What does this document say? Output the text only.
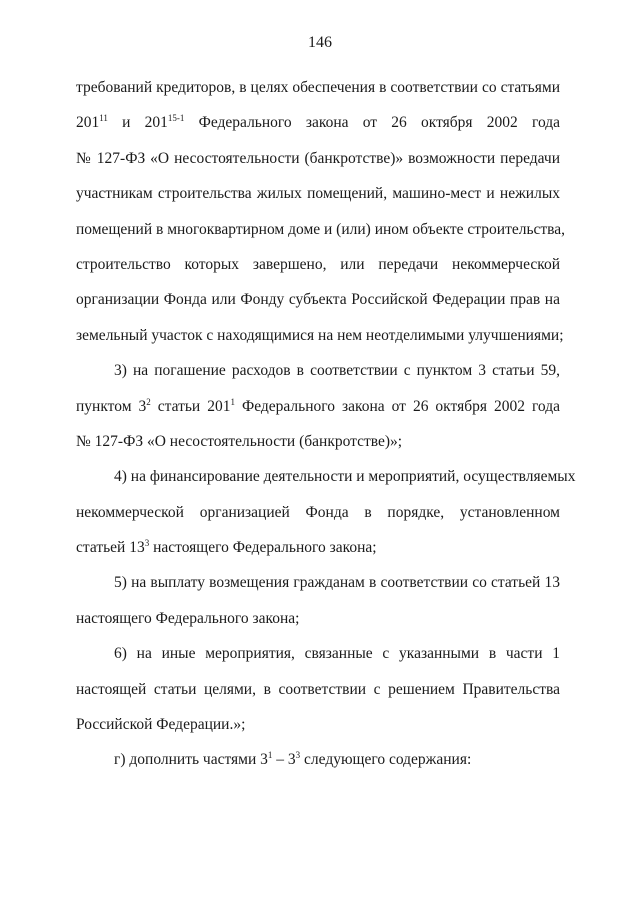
146
требований кредиторов, в целях обеспечения в соответствии со статьями
$201^{11}$ и 201$^{15-1}$ Федерального закона от 26 октября 2002 года
№ 127-ФЗ «О несостоятельности (банкротстве)» возможности передачи
участникам строительства жилых помещений, машино-мест и нежилых
помещений в многоквартирном доме и (или) ином объекте строительства,
строительство которых завершено, или передачи некоммерческой
организации Фонда или Фонду субъекта Российской Федерации прав на
земельный участок с находящимися на нем неотделимыми улучшениями;
3) на погашение расходов в соответствии с пунктом 3 статьи 59,
пунктом $3^2$ статьи $201^1$ Федерального закона от 26 октября 2002 года
№ 127-ФЗ «О несостоятельности (банкротстве)»;
4) на финансирование деятельности и мероприятий, осуществляемых
некоммерческой организацией Фонда в порядке, установленном
статьей $13^3$ настоящего Федерального закона;
5) на выплату возмещения гражданам в соответствии со статьей 13
настоящего Федерального закона;
6) на иные мероприятия, связанные с указанными в части 1
настоящей статьи целями, в соответствии с решением Правительства
Российской Федерации.»;
г) дополнить частями $3^1 - 3^3$ следующего содержания:
